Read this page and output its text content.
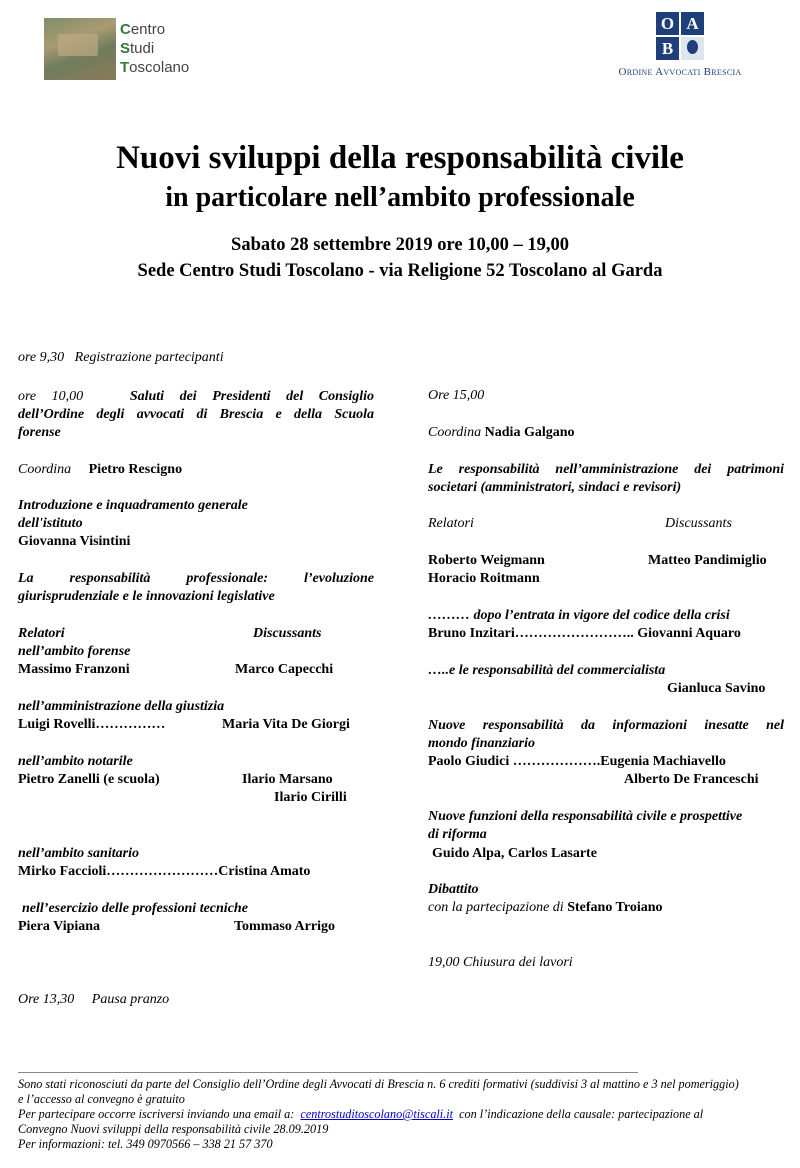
Centro
Studi
Toscolano
O A
B
Ordine Avvocati Brescia
Nuovi sviluppi della responsabilità civile
in particolare nell’ambito professionale
Sabato 28 settembre 2019 ore 10,00 – 19,00
Sede Centro Studi Toscolano - via Religione 52 Toscolano al Garda
ore 9,30 Registrazione partecipanti
ore 10,00	Saluti dei Presidenti del Consiglio
dell’Ordine degli avvocati di Brescia e della Scuola
forense
Coordina Pietro Rescigno
Introduzione e inquadramento generale
dell'istituto
Giovanna Visintini
La responsabilità professionale: l’evoluzione
giurisprudenziale e le innovazioni legislative
Relatori	Discussants
nell’ambito forense
Massimo Franzoni	Marco Capecchi
nell’amministrazione della giustizia
Luigi Rovelli……………	Maria Vita De Giorgi
nell’ambito notarile
Pietro Zanelli (e scuola)	Ilario Marsano
Ilario Cirilli
nell’ambito sanitario
Mirko Faccioli……………………Cristina Amato
nell’esercizio delle professioni tecniche
Piera Vipiana	Tommaso Arrigo
Ore 13,30 Pausa pranzo
Ore 15,00
Coordina Nadia Galgano
Le responsabilità nell’amministrazione dei patrimoni
societari (amministratori, sindaci e revisori)
Relatori	Discussants
Roberto Weigmann	Matteo Pandimiglio
Horacio Roitmann
……… dopo l’entrata in vigore del codice della crisi
Bruno Inzitari…………………….. Giovanni Aquaro
…..e le responsabilità del commercialista
Gianluca Savino
Nuove responsabilità da informazioni inesatte nel
mondo finanziario
Paolo Giudici ……………….Eugenia Machiavello
Alberto De Franceschi
Nuove funzioni della responsabilità civile e prospettive
di riforma
Guido Alpa, Carlos Lasarte
Dibattito
con la partecipazione di Stefano Troiano
19,00 Chiusura dei lavori
Sono stati riconosciuti da parte del Consiglio dell’Ordine degli Avvocati di Brescia n. 6 crediti formativi (suddivisi 3 al mattino e 3 nel pomeriggio)
e l’accesso al convegno è gratuito
Per partecipare occorre iscriversi inviando una email a: centrostuditoscolano@tiscali.it con l’indicazione della causale: partecipazione al
Convegno Nuovi sviluppi della responsabilità civile 28.09.2019
Per informazioni: tel. 349 0970566 – 338 21 57 370
